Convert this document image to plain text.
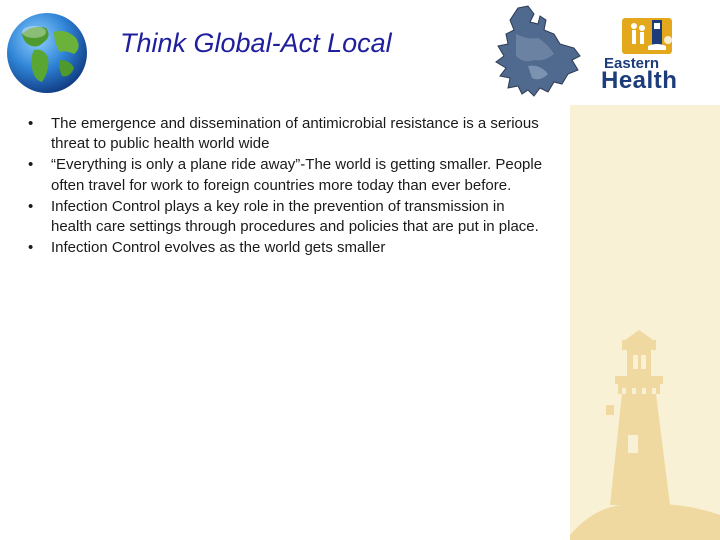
Think Global-Act Local
Eastern
Health
• The emergence and dissemination of antimicrobial resistance is a serious threat to public health world wide
• “Everything is only a plane ride away”-The world is getting smaller. People often travel for work to foreign countries more today than ever before.
• Infection Control plays a key role in the prevention of transmission in health care settings through procedures and policies that are put in place.
• Infection Control evolves as the world gets smaller
